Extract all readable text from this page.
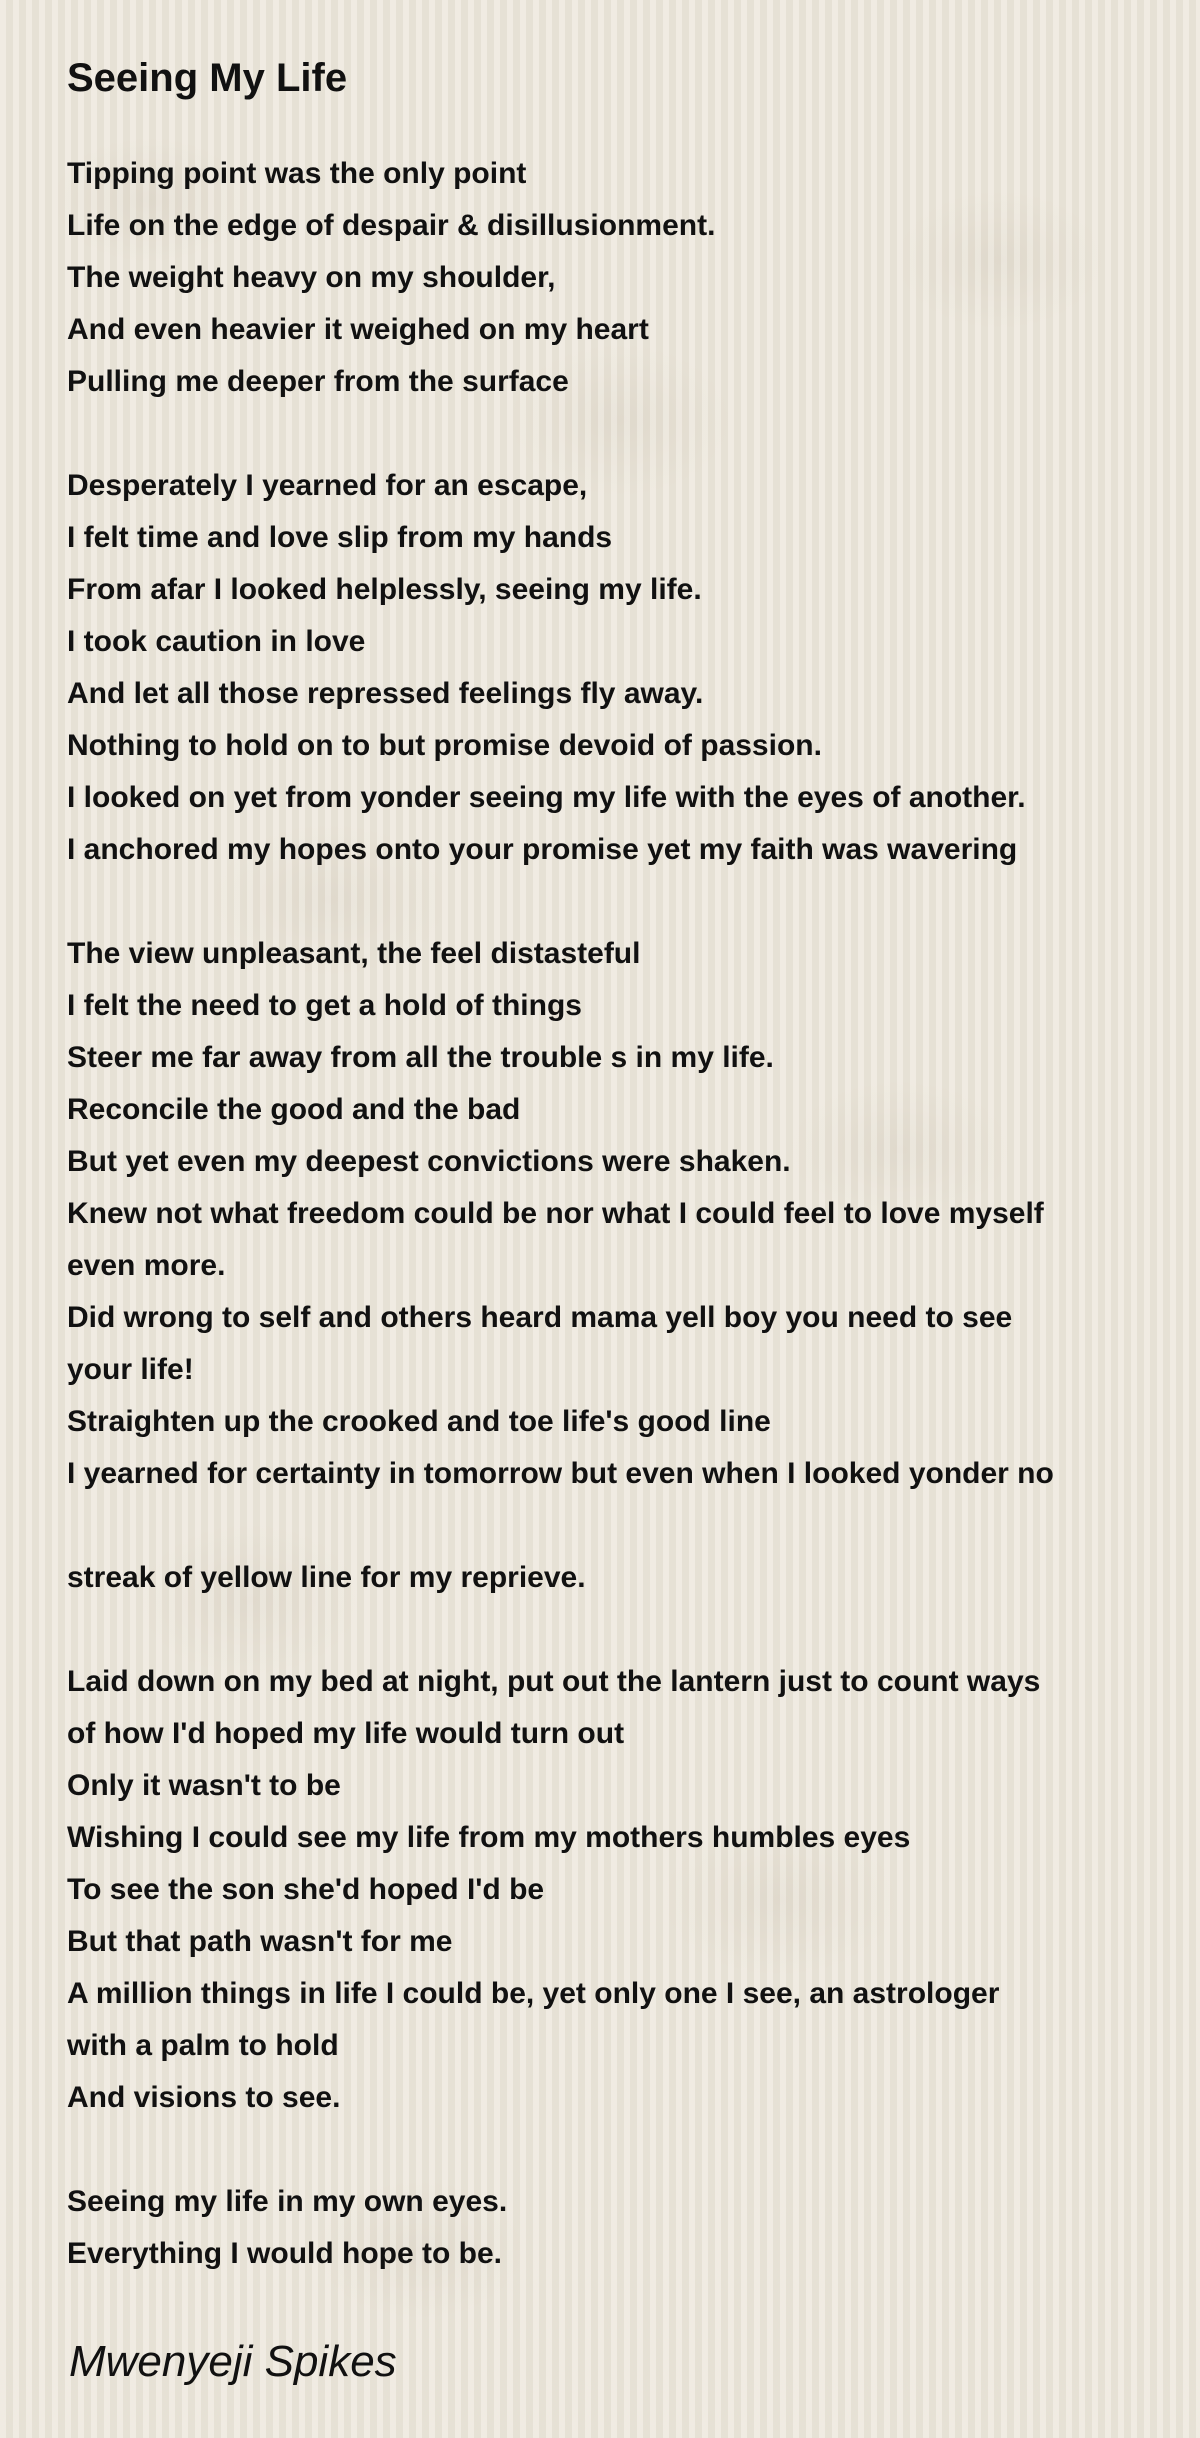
Seeing My Life
Tipping point was the only point
Life on the edge of despair & disillusionment.
The weight heavy on my shoulder,
And even heavier it weighed on my heart
Pulling me deeper from the surface
Desperately I yearned for an escape,
I felt time and love slip from my hands
From afar I looked helplessly, seeing my life.
I took caution in love
And let all those repressed feelings fly away.
Nothing to hold on to but promise devoid of passion.
I looked on yet from yonder seeing my life with the eyes of another.
I anchored my hopes onto your promise yet my faith was wavering
The view unpleasant, the feel distasteful
I felt the need to get a hold of things
Steer me far away from all the trouble s in my life.
Reconcile the good and the bad
But yet even my deepest convictions were shaken.
Knew not what freedom could be nor what I could feel to love myself
even more.
Did wrong to self and others heard mama yell boy you need to see
your life!
Straighten up the crooked and toe life's good line
I yearned for certainty in tomorrow but even when I looked yonder no
streak of yellow line for my reprieve.
Laid down on my bed at night, put out the lantern just to count ways
of how I'd hoped my life would turn out
Only it wasn't to be
Wishing I could see my life from my mothers humbles eyes
To see the son she'd hoped I'd be
But that path wasn't for me
A million things in life I could be, yet only one I see, an astrologer
with a palm to hold
And visions to see.
Seeing my life in my own eyes.
Everything I would hope to be.
Mwenyeji Spikes
